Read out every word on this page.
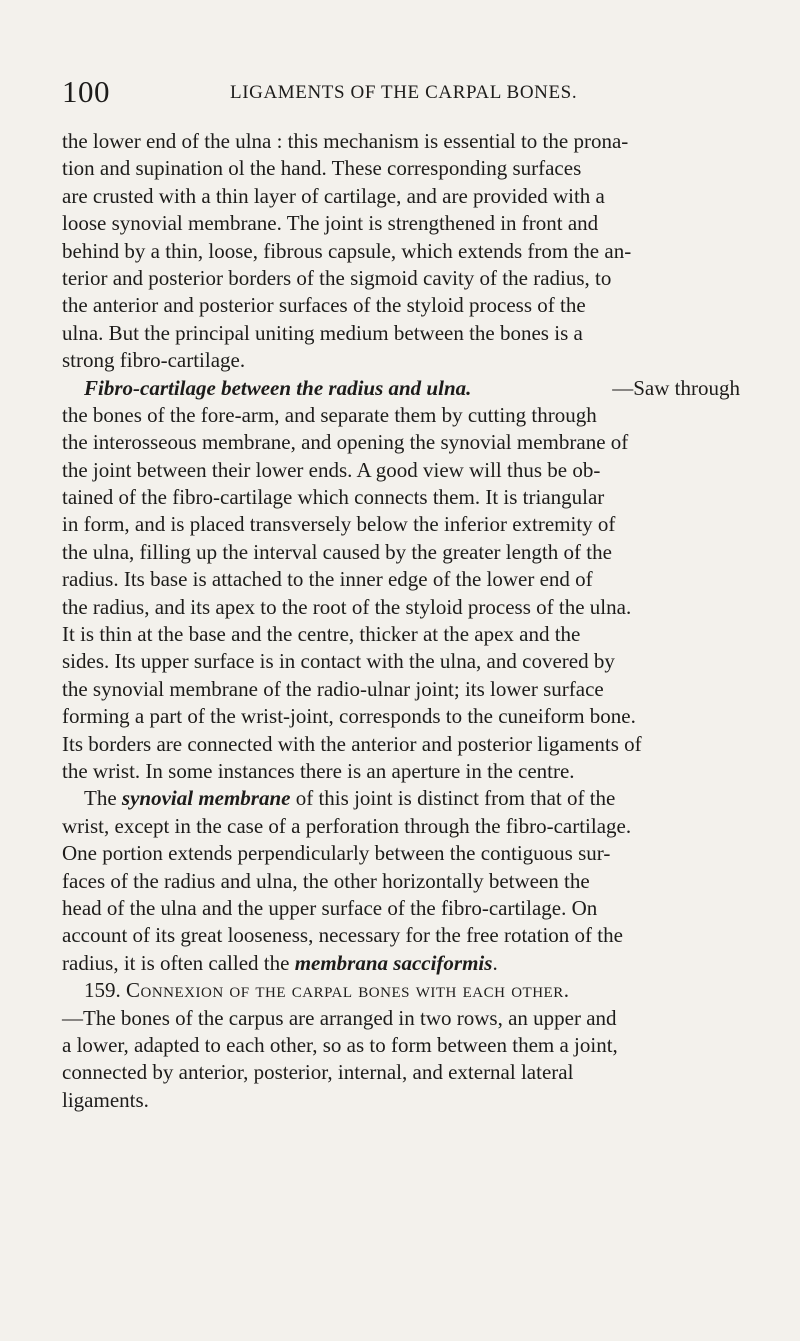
100	LIGAMENTS OF THE CARPAL BONES.
the lower end of the ulna : this mechanism is essential to the prona-
tion and supination ol the hand. These corresponding surfaces
are crusted with a thin layer of cartilage, and are provided with a
loose synovial membrane. The joint is strengthened in front and
behind by a thin, loose, fibrous capsule, which extends from the an-
terior and posterior borders of the sigmoid cavity of the radius, to
the anterior and posterior surfaces of the styloid process of the
ulna. But the principal uniting medium between the bones is a
strong fibro-cartilage.
Fibro-cartilage between the radius and ulna.	—Saw through
the bones of the fore-arm, and separate them by cutting through
the interosseous membrane, and opening the synovial membrane of
the joint between their lower ends. A good view will thus be ob-
tained of the fibro-cartilage which connects them. It is triangular
in form, and is placed transversely below the inferior extremity of
the ulna, filling up the interval caused by the greater length of the
radius. Its base is attached to the inner edge of the lower end of
the radius, and its apex to the root of the styloid process of the ulna.
It is thin at the base and the centre, thicker at the apex and the
sides. Its upper surface is in contact with the ulna, and covered by
the synovial membrane of the radio-ulnar joint; its lower surface
forming a part of the wrist-joint, corresponds to the cuneiform bone.
Its borders are connected with the anterior and posterior ligaments of
the wrist. In some instances there is an aperture in the centre.
The synovial membrane of this joint is distinct from that of the
wrist, except in the case of a perforation through the fibro-cartilage.
One portion extends perpendicularly between the contiguous sur-
faces of the radius and ulna, the other horizontally between the
head of the ulna and the upper surface of the fibro-cartilage. On
account of its great looseness, necessary for the free rotation of the
radius, it is often called the membrana sacciformis.
159. Connexion of the carpal bones with each other.
—The bones of the carpus are arranged in two rows, an upper and
a lower, adapted to each other, so as to form between them a joint,
connected by anterior, posterior, internal, and external lateral
ligaments.
